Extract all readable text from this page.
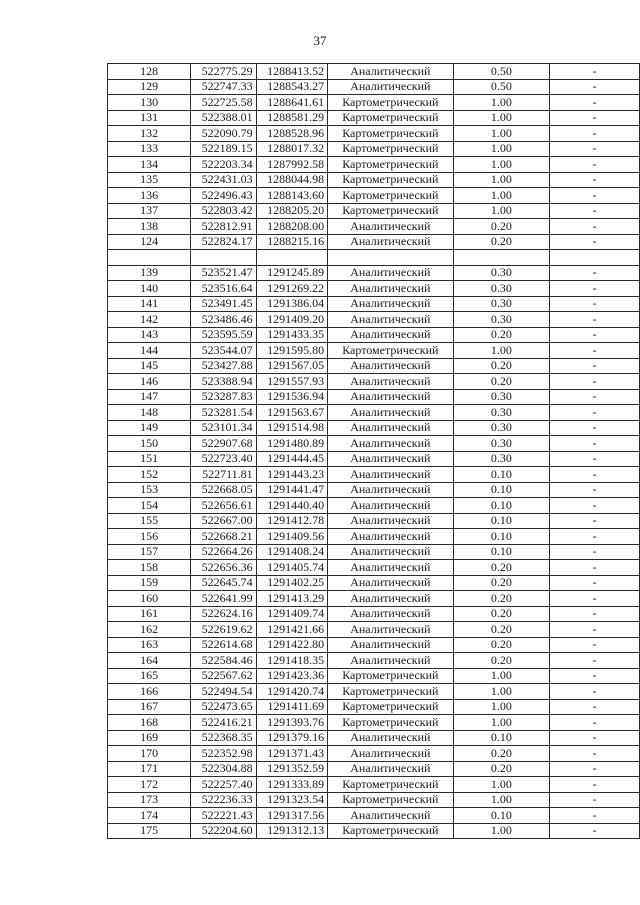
37
128	522775.29	1288413.52	Аналитический	0.50	-
129	522747.33	1288543.27	Аналитический	0.50	-
130	522725.58	1288641.61	Картометрический	1.00	-
131	522388.01	1288581.29	Картометрический	1.00	-
132	522090.79	1288528.96	Картометрический	1.00	-
133	522189.15	1288017.32	Картометрический	1.00	-
134	522203.34	1287992.58	Картометрический	1.00	-
135	522431.03	1288044.98	Картометрический	1.00	-
136	522496.43	1288143.60	Картометрический	1.00	-
137	522803.42	1288205.20	Картометрический	1.00	-
138	522812.91	1288208.00	Аналитический	0.20	-
124	522824.17	1288215.16	Аналитический	0.20	-

139	523521.47	1291245.89	Аналитический	0.30	-
140	523516.64	1291269.22	Аналитический	0.30	-
141	523491.45	1291386.04	Аналитический	0.30	-
142	523486.46	1291409.20	Аналитический	0.30	-
143	523595.59	1291433.35	Аналитический	0.20	-
144	523544.07	1291595.80	Картометрический	1.00	-
145	523427.88	1291567.05	Аналитический	0.20	-
146	523388.94	1291557.93	Аналитический	0.20	-
147	523287.83	1291536.94	Аналитический	0.30	-
148	523281.54	1291563.67	Аналитический	0.30	-
149	523101.34	1291514.98	Аналитический	0.30	-
150	522907.68	1291480.89	Аналитический	0.30	-
151	522723.40	1291444.45	Аналитический	0.30	-
152	522711.81	1291443.23	Аналитический	0.10	-
153	522668.05	1291441.47	Аналитический	0.10	-
154	522656.61	1291440.40	Аналитический	0.10	-
155	522667.00	1291412.78	Аналитический	0.10	-
156	522668.21	1291409.56	Аналитический	0.10	-
157	522664.26	1291408.24	Аналитический	0.10	-
158	522656.36	1291405.74	Аналитический	0.20	-
159	522645.74	1291402.25	Аналитический	0.20	-
160	522641.99	1291413.29	Аналитический	0.20	-
161	522624.16	1291409.74	Аналитический	0.20	-
162	522619.62	1291421.66	Аналитический	0.20	-
163	522614.68	1291422.80	Аналитический	0.20	-
164	522584.46	1291418.35	Аналитический	0.20	-
165	522567.62	1291423.36	Картометрический	1.00	-
166	522494.54	1291420.74	Картометрический	1.00	-
167	522473.65	1291411.69	Картометрический	1.00	-
168	522416.21	1291393.76	Картометрический	1.00	-
169	522368.35	1291379.16	Аналитический	0.10	-
170	522352.98	1291371.43	Аналитический	0.20	-
171	522304.88	1291352.59	Аналитический	0.20	-
172	522257.40	1291333.89	Картометрический	1.00	-
173	522236.33	1291323.54	Картометрический	1.00	-
174	522221.43	1291317.56	Аналитический	0.10	-
175	522204.60	1291312.13	Картометрический	1.00	-
